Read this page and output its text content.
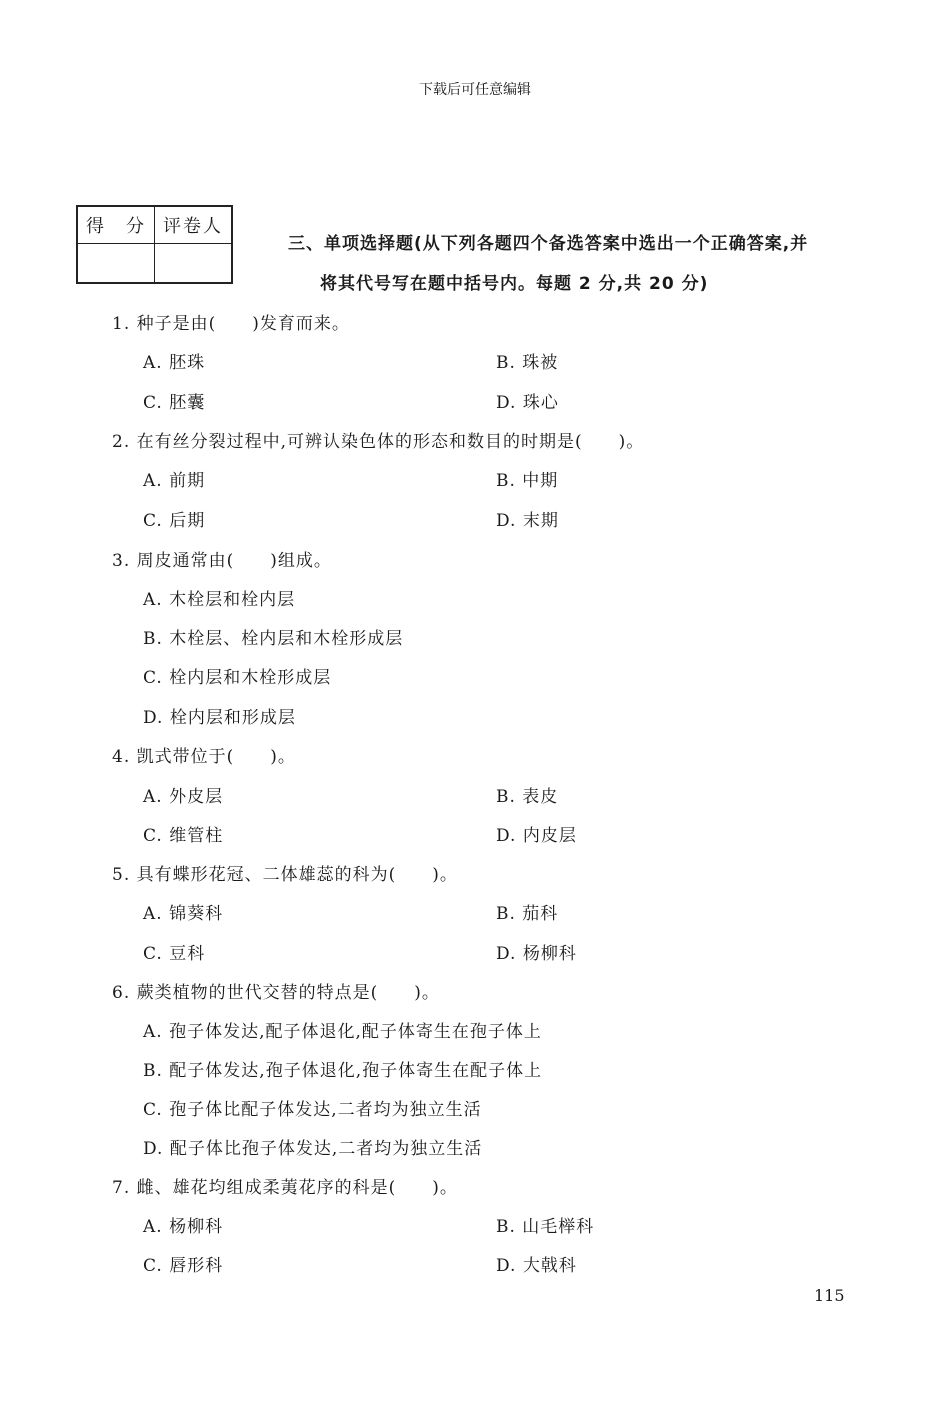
下载后可任意编辑
得　分	评卷人

三、单项选择题(从下列各题四个备选答案中选出一个正确答案,并
将其代号写在题中括号内。每题 2 分,共 20 分)
1. 种子是由(　　)发育而来。
A. 胚珠	B. 珠被
C. 胚囊	D. 珠心
2. 在有丝分裂过程中,可辨认染色体的形态和数目的时期是(　　)。
A. 前期	B. 中期
C. 后期	D. 末期
3. 周皮通常由(　　)组成。
A. 木栓层和栓内层
B. 木栓层、栓内层和木栓形成层
C. 栓内层和木栓形成层
D. 栓内层和形成层
4. 凯式带位于(　　)。
A. 外皮层	B. 表皮
C. 维管柱	D. 内皮层
5. 具有蝶形花冠、二体雄蕊的科为(　　)。
A. 锦葵科	B. 茄科
C. 豆科	D. 杨柳科
6. 蕨类植物的世代交替的特点是(　　)。
A. 孢子体发达,配子体退化,配子体寄生在孢子体上
B. 配子体发达,孢子体退化,孢子体寄生在配子体上
C. 孢子体比配子体发达,二者均为独立生活
D. 配子体比孢子体发达,二者均为独立生活
7. 雌、雄花均组成柔荑花序的科是(　　)。
A. 杨柳科	B. 山毛榉科
C. 唇形科	D. 大戟科
115
